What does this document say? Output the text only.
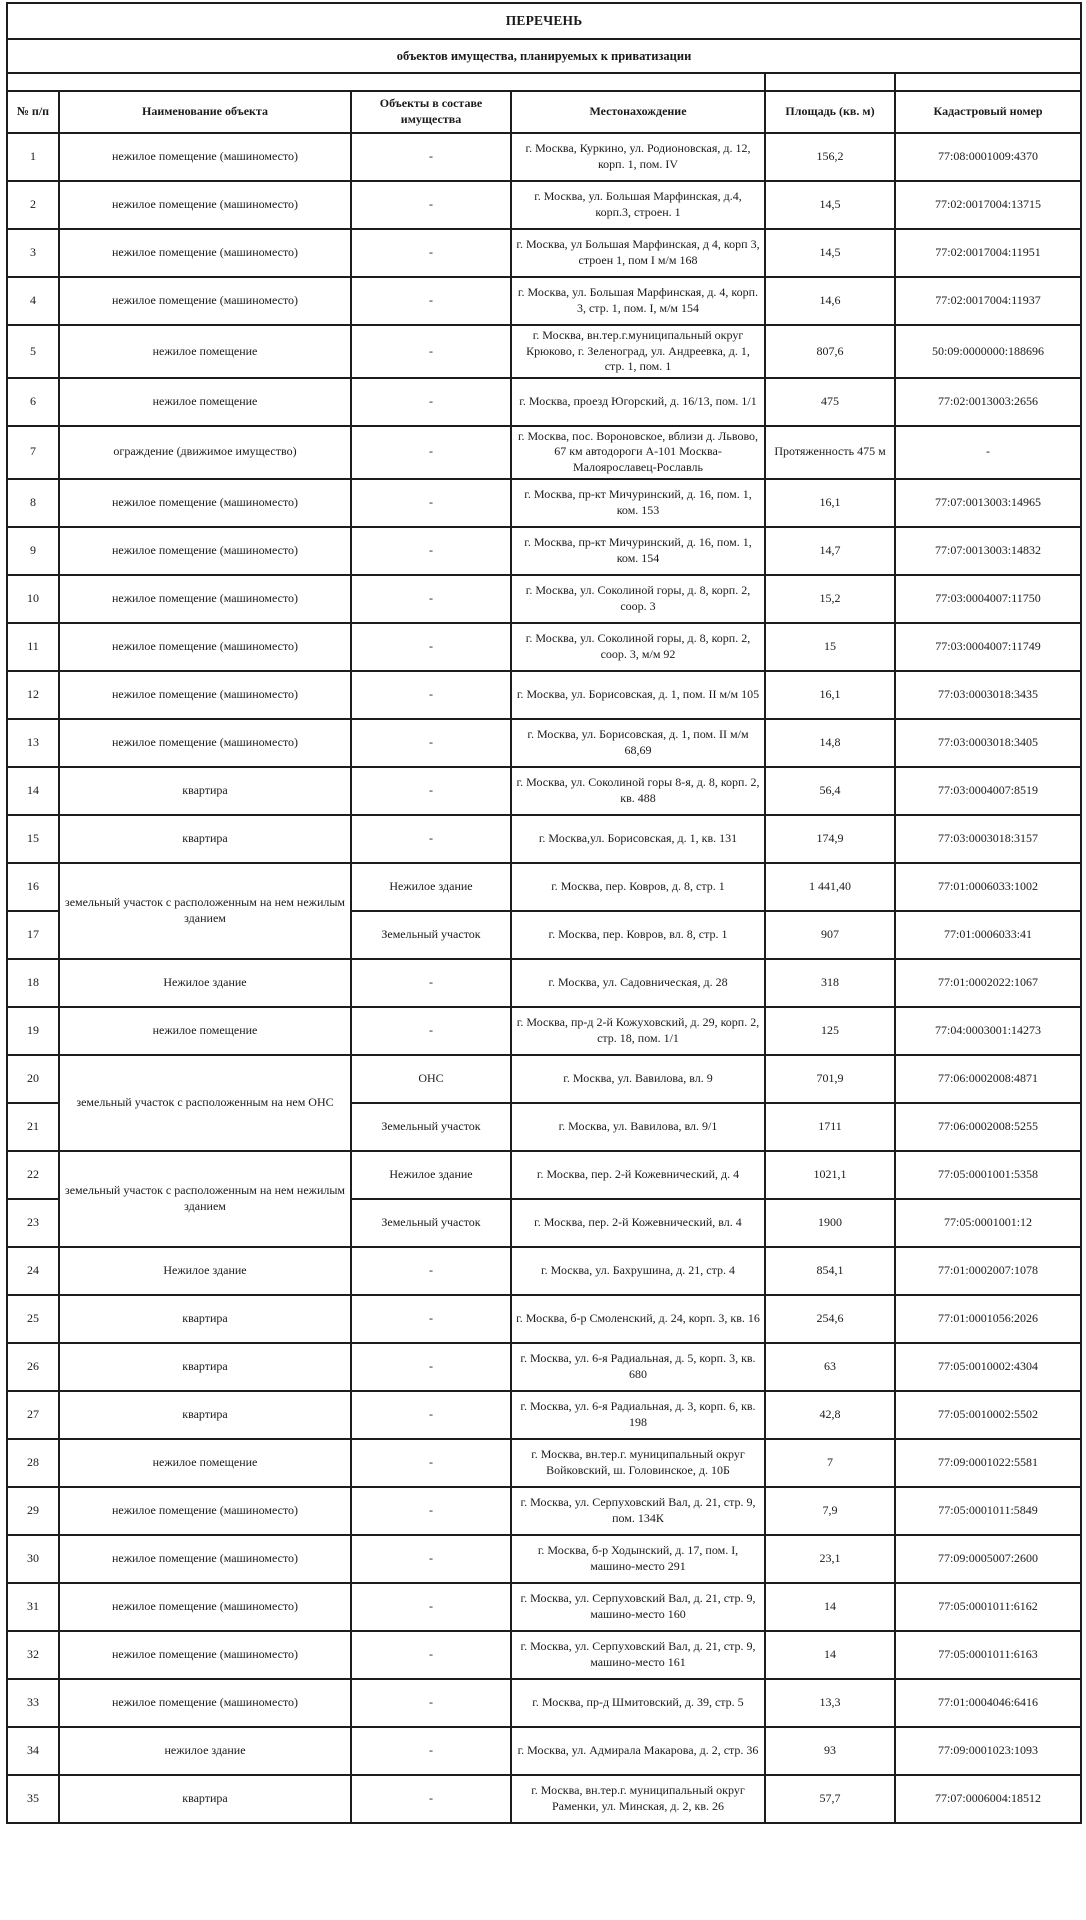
ПЕРЕЧЕНЬ					
объектов имущества, планируемых к приватизации					

№ п/п	Наименование объекта	Объекты в составе имущества	Местонахождение	Площадь (кв. м)	Кадастровый номер
1	нежилое помещение (машиноместо)	-	г. Москва, Куркино, ул. Родионовская, д. 12, корп. 1, пом. IV	156,2	77:08:0001009:4370
2	нежилое помещение (машиноместо)	-	г. Москва, ул. Большая Марфинская, д.4, корп.3, строен. 1	14,5	77:02:0017004:13715
3	нежилое помещение (машиноместо)	-	г. Москва, ул Большая Марфинская, д 4, корп 3, строен 1, пом I м/м 168	14,5	77:02:0017004:11951
4	нежилое помещение (машиноместо)	-	г. Москва, ул. Большая Марфинская, д. 4, корп. 3, стр. 1, пом. I, м/м 154	14,6	77:02:0017004:11937
5	нежилое помещение	-	г. Москва, вн.тер.г.муниципальный округ Крюково, г. Зеленоград, ул. Андреевка, д. 1, стр. 1, пом. 1	807,6	50:09:0000000:188696
6	нежилое помещение	-	г. Москва, проезд Югорский, д. 16/13, пом. 1/1	475	77:02:0013003:2656
7	ограждение (движимое имущество)	-	г. Москва, пос. Вороновское, вблизи д. Львово, 67 км автодороги А-101 Москва-Малоярославец-Рославль	Протяженность 475 м	-
8	нежилое помещение (машиноместо)	-	г. Москва, пр-кт Мичуринский, д. 16, пом. 1, ком. 153	16,1	77:07:0013003:14965
9	нежилое помещение (машиноместо)	-	г. Москва, пр-кт Мичуринский, д. 16, пом. 1, ком. 154	14,7	77:07:0013003:14832
10	нежилое помещение (машиноместо)	-	г. Москва, ул. Соколиной горы, д. 8, корп. 2, соор. 3	15,2	77:03:0004007:11750
11	нежилое помещение (машиноместо)	-	г. Москва, ул. Соколиной горы, д. 8, корп. 2, соор. 3, м/м 92	15	77:03:0004007:11749
12	нежилое помещение (машиноместо)	-	г. Москва, ул. Борисовская, д. 1, пом. II м/м 105	16,1	77:03:0003018:3435
13	нежилое помещение (машиноместо)	-	г. Москва, ул. Борисовская, д. 1, пом. II м/м 68,69	14,8	77:03:0003018:3405
14	квартира	-	г. Москва, ул. Соколиной горы 8-я, д. 8, корп. 2, кв. 488	56,4	77:03:0004007:8519
15	квартира	-	г. Москва,ул. Борисовская, д. 1, кв. 131	174,9	77:03:0003018:3157
16	земельный участок с расположенным на нем нежилым зданием	Нежилое здание	г. Москва, пер. Ковров, д. 8, стр. 1	1 441,40	77:01:0006033:1002
17		Земельный участок	г. Москва, пер. Ковров, вл. 8, стр. 1	907	77:01:0006033:41
18	Нежилое здание	-	г. Москва, ул. Садовническая, д. 28	318	77:01:0002022:1067
19	нежилое помещение	-	г. Москва, пр-д 2-й Кожуховский, д. 29, корп. 2, стр. 18, пом. 1/1	125	77:04:0003001:14273
20	земельный участок с расположенным на нем ОНС	ОНС	г. Москва, ул. Вавилова, вл. 9	701,9	77:06:0002008:4871
21		Земельный участок	г. Москва, ул. Вавилова, вл. 9/1	1711	77:06:0002008:5255
22	земельный участок с расположенным на нем нежилым зданием	Нежилое здание	г. Москва, пер. 2-й Кожевнический, д. 4	1021,1	77:05:0001001:5358
23		Земельный участок	г. Москва, пер. 2-й Кожевнический, вл. 4	1900	77:05:0001001:12
24	Нежилое здание	-	г. Москва, ул. Бахрушина, д. 21, стр. 4	854,1	77:01:0002007:1078
25	квартира	-	г. Москва, б-р Смоленский, д. 24, корп. 3, кв. 16	254,6	77:01:0001056:2026
26	квартира	-	г. Москва, ул. 6-я Радиальная, д. 5, корп. 3, кв. 680	63	77:05:0010002:4304
27	квартира	-	г. Москва, ул. 6-я Радиальная, д. 3, корп. 6, кв. 198	42,8	77:05:0010002:5502
28	нежилое помещение	-	г. Москва, вн.тер.г. муниципальный округ Войковский, ш. Головинское, д. 10Б	7	77:09:0001022:5581
29	нежилое помещение (машиноместо)	-	г. Москва, ул. Серпуховский Вал, д. 21, стр. 9, пом. 134К	7,9	77:05:0001011:5849
30	нежилое помещение (машиноместо)	-	г. Москва, б-р Ходынский, д. 17, пом. I, машино-место 291	23,1	77:09:0005007:2600
31	нежилое помещение (машиноместо)	-	г. Москва, ул. Серпуховский Вал, д. 21, стр. 9, машино-место 160	14	77:05:0001011:6162
32	нежилое помещение (машиноместо)	-	г. Москва, ул. Серпуховский Вал, д. 21, стр. 9, машино-место 161	14	77:05:0001011:6163
33	нежилое помещение (машиноместо)	-	г. Москва, пр-д Шмитовский, д. 39, стр. 5	13,3	77:01:0004046:6416
34	нежилое здание	-	г. Москва, ул. Адмирала Макарова, д. 2, стр. 36	93	77:09:0001023:1093
35	квартира	-	г. Москва, вн.тер.г. муниципальный округ Раменки, ул. Минская, д. 2, кв. 26	57,7	77:07:0006004:18512
